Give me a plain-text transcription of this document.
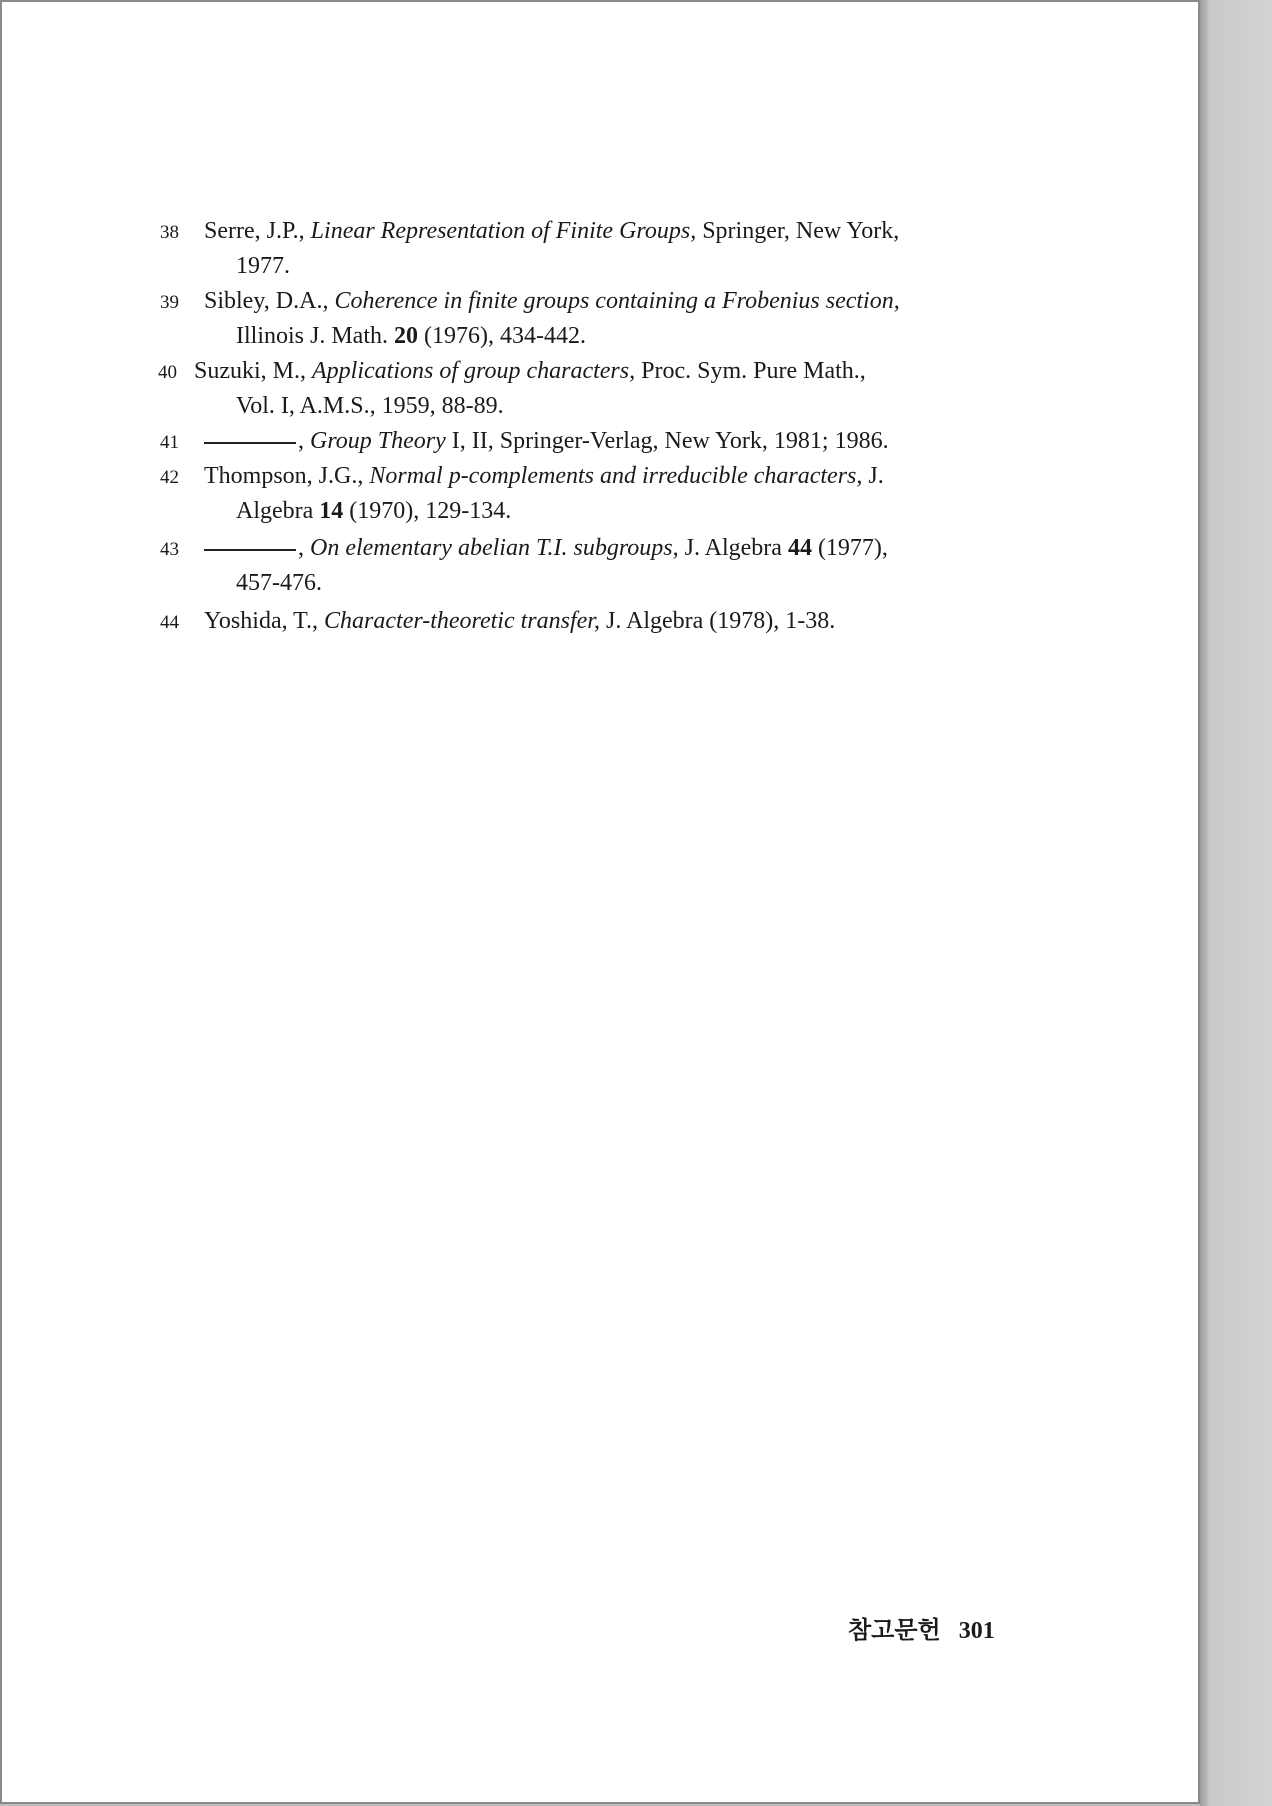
38 Serre, J.P., Linear Representation of Finite Groups, Springer, New York,
1977.
39 Sibley, D.A., Coherence in finite groups containing a Frobenius section,
Illinois J. Math. 20 (1976), 434-442.
40 Suzuki, M., Applications of group characters, Proc. Sym. Pure Math.,
Vol. I, A.M.S., 1959, 88-89.
41	, Group Theory I, II, Springer-Verlag, New York, 1981; 1986.
42 Thompson, J.G., Normal p-complements and irreducible characters, J.
Algebra 14 (1970), 129-134.
43	, On elementary abelian T.I. subgroups, J. Algebra 44 (1977),
457-476.
44 Yoshida, T., Character-theoretic transfer, J. Algebra (1978), 1-38.
참고문헌 301
